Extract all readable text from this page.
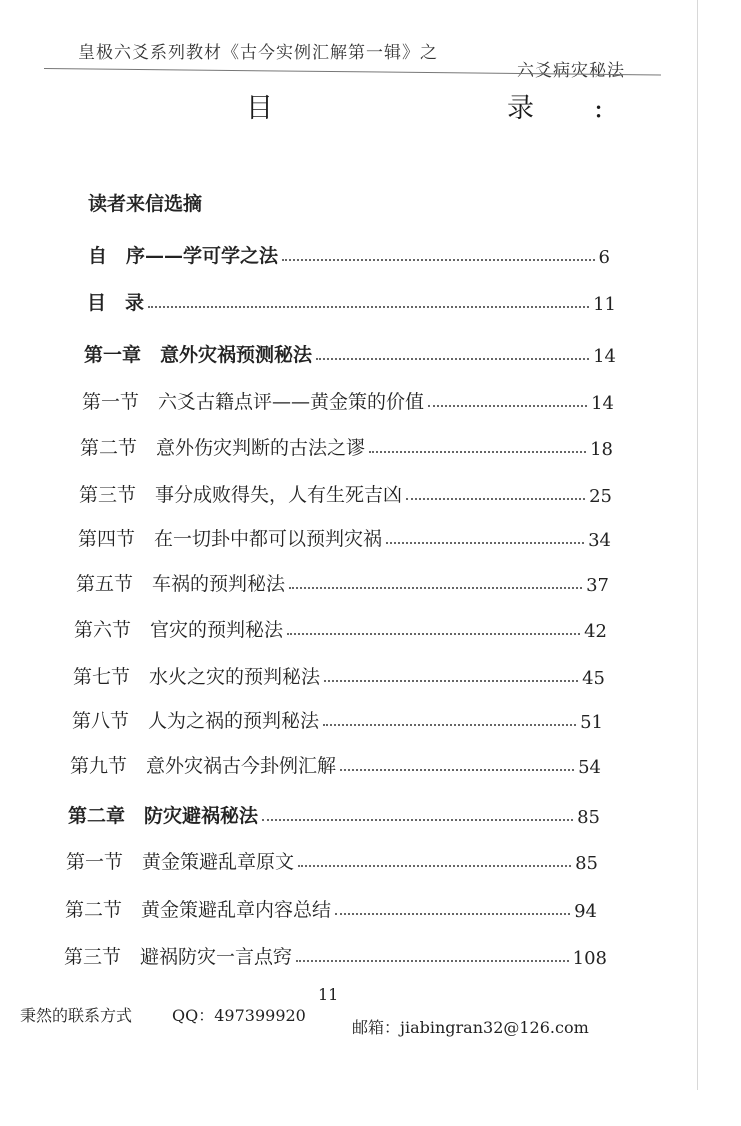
皇极六爻系列教材《古今实例汇解第一辑》之
六爻病灾秘法
目　　录:
读者来信选摘
自　序——学可学之法	6
目　录	11
第一章　意外灾祸预测秘法	14
第一节　六爻古籍点评——黄金策的价值	14
第二节　意外伤灾判断的古法之谬	18
第三节　事分成败得失，人有生死吉凶	25
第四节　在一切卦中都可以预判灾祸	34
第五节　车祸的预判秘法	37
第六节　官灾的预判秘法	42
第七节　水火之灾的预判秘法	45
第八节　人为之祸的预判秘法	51
第九节　意外灾祸古今卦例汇解	54
第二章　防灾避祸秘法	85
第一节　黄金策避乱章原文	85
第二节　黄金策避乱章内容总结	94
第三节　避祸防灾一言点窍	108
11
秉然的联系方式 QQ：497399920
邮箱：jiabingran32@126.com
